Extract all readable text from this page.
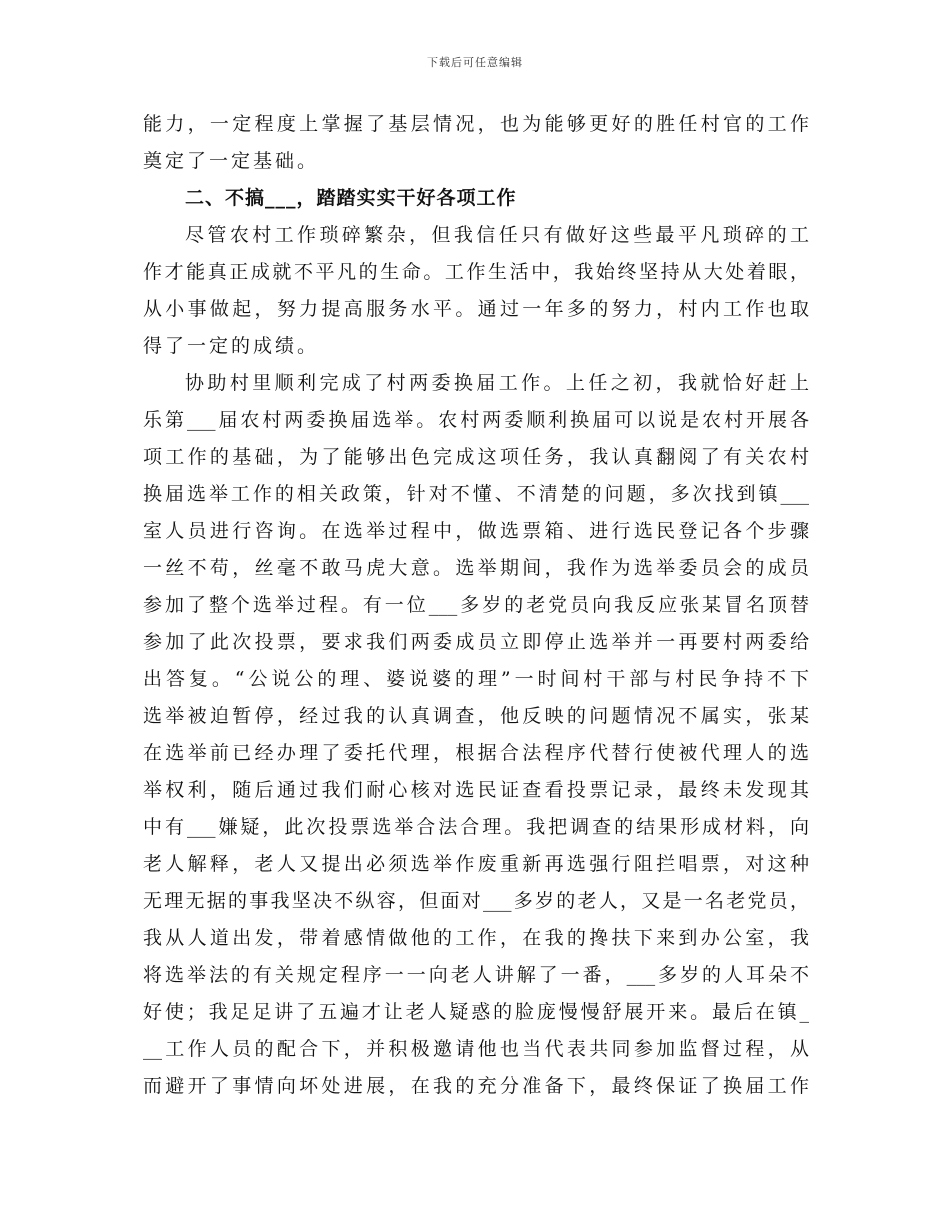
下载后可任意编辑
能力，一定程度上掌握了基层情况，也为能够更好的胜任村官的工作
奠定了一定基础。
二、不搞___，踏踏实实干好各项工作
尽管农村工作琐碎繁杂，但我信任只有做好这些最平凡琐碎的工
作才能真正成就不平凡的生命。工作生活中，我始终坚持从大处着眼，
从小事做起，努力提高服务水平。通过一年多的努力，村内工作也取
得了一定的成绩。
协助村里顺利完成了村两委换届工作。上任之初，我就恰好赶上
乐第___届农村两委换届选举。农村两委顺利换届可以说是农村开展各
项工作的基础，为了能够出色完成这项任务，我认真翻阅了有关农村
换届选举工作的相关政策，针对不懂、不清楚的问题，多次找到镇___
室人员进行咨询。在选举过程中，做选票箱、进行选民登记各个步骤
一丝不苟，丝毫不敢马虎大意。选举期间，我作为选举委员会的成员
参加了整个选举过程。有一位___多岁的老党员向我反应张某冒名顶替
参加了此次投票，要求我们两委成员立即停止选举并一再要村两委给
出答复。“公说公的理、婆说婆的理”一时间村干部与村民争持不下
选举被迫暂停，经过我的认真调查，他反映的问题情况不属实，张某
在选举前已经办理了委托代理，根据合法程序代替行使被代理人的选
举权利，随后通过我们耐心核对选民证查看投票记录，最终未发现其
中有___嫌疑，此次投票选举合法合理。我把调查的结果形成材料，向
老人解释，老人又提出必须选举作废重新再选强行阻拦唱票，对这种
无理无据的事我坚决不纵容，但面对___多岁的老人，又是一名老党员，
我从人道出发，带着感情做他的工作，在我的搀扶下来到办公室，我
将选举法的有关规定程序一一向老人讲解了一番，___多岁的人耳朵不
好使；我足足讲了五遍才让老人疑惑的脸庞慢慢舒展开来。最后在镇_
__工作人员的配合下，并积极邀请他也当代表共同参加监督过程，从
而避开了事情向坏处进展，在我的充分准备下，最终保证了换届工作
